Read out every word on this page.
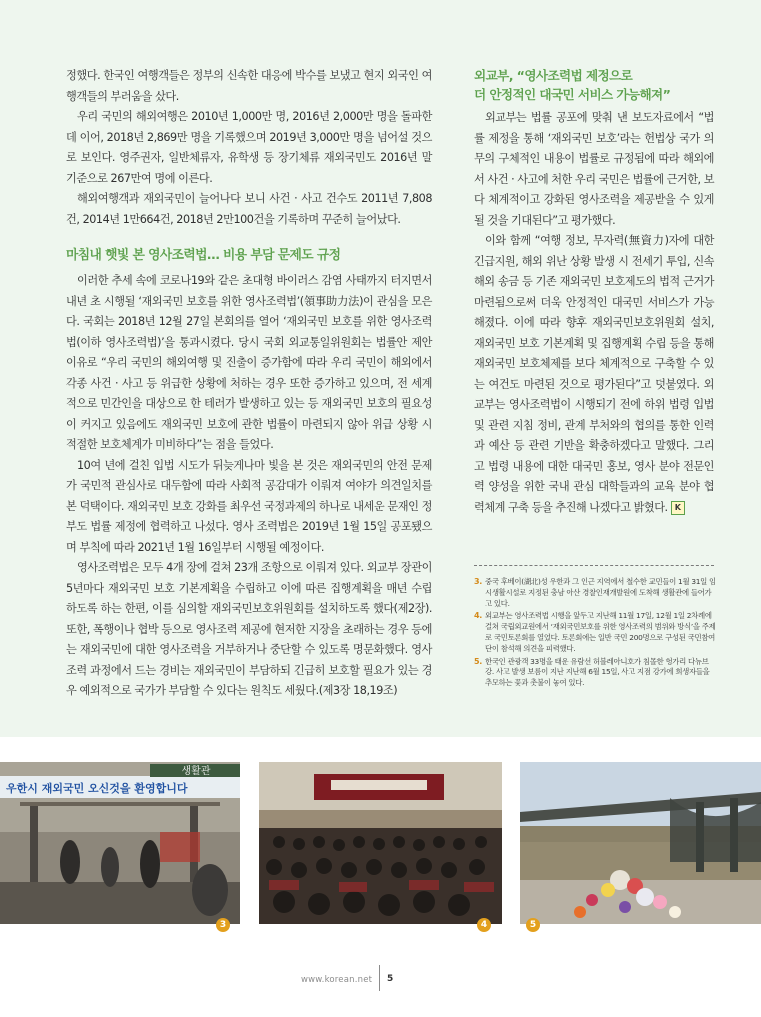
정했다. 한국인 여행객들은 정부의 신속한 대응에 박수를 보냈고 현지 외국인 여행객들의 부러움을 샀다.

우리 국민의 해외여행은 2010년 1,000만 명, 2016년 2,000만 명을 돌파한 데 이어, 2018년 2,869만 명을 기록했으며 2019년 3,000만 명을 넘어설 것으로 보인다. 영주권자, 일반체류자, 유학생 등 장기체류 재외국민도 2016년 말 기준으로 267만여 명에 이른다.

해외여행객과 재외국민이 늘어나다 보니 사건 · 사고 건수도 2011년 7,808건, 2014년 1만664건, 2018년 2만100건을 기록하며 꾸준히 늘어났다.

마침내 햇빛 본 영사조력법… 비용 부담 문제도 규정

이러한 추세 속에 코로나19와 같은 초대형 바이러스 감염 사태까지 터지면서 내년 초 시행될 ‘재외국민 보호를 위한 영사조력법’(領事助力法)이 관심을 모은다. 국회는 2018년 12월 27일 본회의를 열어 ‘재외국민 보호를 위한 영사조력법(이하 영사조력법)’을 통과시켰다. 당시 국회 외교통일위원회는 법률안 제안 이유로 “우리 국민의 해외여행 및 진출이 증가함에 따라 우리 국민이 해외에서 각종 사건 · 사고 등 위급한 상황에 처하는 경우 또한 증가하고 있으며, 전 세계적으로 민간인을 대상으로 한 테러가 발생하고 있는 등 재외국민 보호의 필요성이 커지고 있음에도 재외국민 보호에 관한 법률이 마련되지 않아 위급 상황 시 적절한 보호체계가 미비하다”는 점을 들었다.

10여 년에 걸친 입법 시도가 뒤늦게나마 빛을 본 것은 재외국민의 안전 문제가 국민적 관심사로 대두함에 따라 사회적 공감대가 이뤄져 여야가 의견일치를 본 덕택이다. 재외국민 보호 강화를 최우선 국정과제의 하나로 내세운 문재인 정부도 법률 제정에 협력하고 나섰다. 영사 조력법은 2019년 1월 15일 공포됐으며 부칙에 따라 2021년 1월 16일부터 시행될 예정이다.

영사조력법은 모두 4개 장에 걸쳐 23개 조항으로 이뤄져 있다. 외교부 장관이 5년마다 재외국민 보호 기본계획을 수립하고 이에 따른 집행계획을 매년 수립하도록 하는 한편, 이를 심의할 재외국민보호위원회를 설치하도록 했다(제2장). 또한, 폭행이나 협박 등으로 영사조력 제공에 현저한 지장을 초래하는 경우 등에는 재외국민에 대한 영사조력을 거부하거나 중단할 수 있도록 명문화했다. 영사조력 과정에서 드는 경비는 재외국민이 부담하되 긴급히 보호할 필요가 있는 경우 예외적으로 국가가 부담할 수 있다는 원칙도 세웠다.(제3장 18,19조)

외교부, “영사조력법 제정으로
더 안정적인 대국민 서비스 가능해져”

외교부는 법률 공포에 맞춰 낸 보도자료에서 “법률 제정을 통해 ‘재외국민 보호’라는 헌법상 국가 의무의 구체적인 내용이 법률로 규정됨에 따라 해외에서 사건 · 사고에 처한 우리 국민은 법률에 근거한, 보다 체계적이고 강화된 영사조력을 제공받을 수 있게 될 것을 기대된다”고 평가했다.

이와 함께 “여행 정보, 무자력(無資力)자에 대한 긴급지원, 해외 위난 상황 발생 시 전세기 투입, 신속 해외 송금 등 기존 재외국민 보호제도의 법적 근거가 마련됨으로써 더욱 안정적인 대국민 서비스가 가능해졌다. 이에 따라 향후 재외국민보호위원회 설치, 재외국민 보호 기본계획 및 집행계획 수립 등을 통해 재외국민 보호체제를 보다 체계적으로 구축할 수 있는 여건도 마련된 것으로 평가된다”고 덧붙였다. 외교부는 영사조력법이 시행되기 전에 하위 법령 입법 및 관련 지침 정비, 관계 부처와의 협의를 통한 인력과 예산 등 관련 기반을 확충하겠다고 말했다. 그리고 법령 내용에 대한 대국민 홍보, 영사 분야 전문인력 양성을 위한 국내 관심 대학들과의 교육 분야 협력체계 구축 등을 추진해 나겠다고 밝혔다. K

3. 중국 후베이(湖北)성 우한과 그 인근 지역에서 철수한 교민들이 1월 31일 임시생활시설로 지정된 충남 아산 경찰인재개발원에 도착해 생활관에 들어가고 있다.
4. 외교부는 영사조력법 시행을 앞두고 지난해 11월 17일, 12월 1일 2차례에 걸쳐 국립외교원에서 ‘재외국민보호를 위한 영사조력의 범위와 방식’을 주제로 국민토론회를 열었다. 토론회에는 일반 국민 200명으로 구성된 국민참여단이 참석해 의견을 피력했다.
5. 한국인 관광객 33명을 태운 유람선 허블레아니호가 침몰한 헝가리 다뉴브 강. 사고 발생 보름이 지난 지난해 6월 15일, 사고 지점 강가에 희생자들을 추모하는 꽃과 촛불이 놓여 있다.
생활관
우한시 재외국민 오신것을 환영합니다
3	4	5
www.korean.net 5
